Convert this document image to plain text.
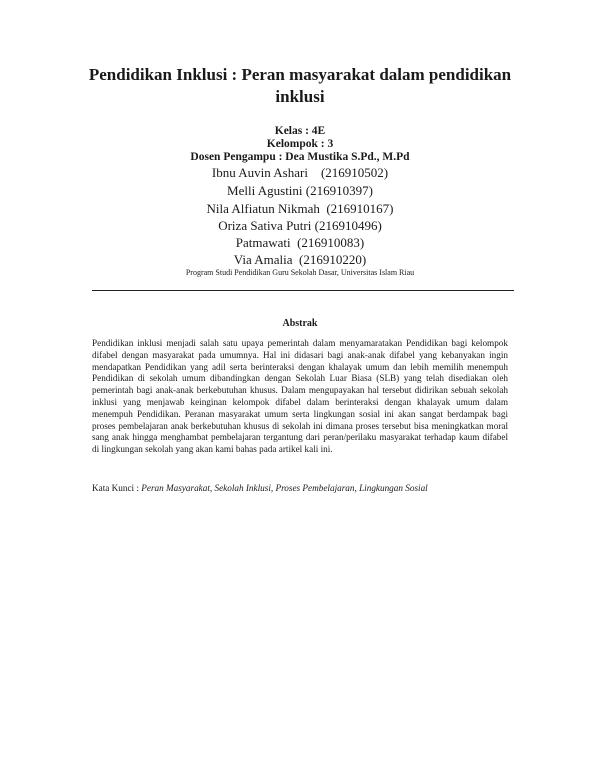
Pendidikan Inklusi : Peran masyarakat dalam pendidikan inklusi
Kelas : 4E
Kelompok : 3
Dosen Pengampu : Dea Mustika S.Pd., M.Pd
Ibnu Auvin Ashari    (216910502)
Melli Agustini (216910397)
Nila Alfiatun Nikmah  (216910167)
Oriza Sativa Putri (216910496)
Patmawati  (216910083)
Via Amalia  (216910220)
Program Studi Pendidikan Guru Sekolah Dasar, Universitas Islam Riau
Abstrak
Pendidikan inklusi menjadi salah satu upaya pemerintah dalam menyamaratakan Pendidikan bagi kelompok difabel dengan masyarakat pada umumnya. Hal ini didasari bagi anak-anak difabel yang kebanyakan ingin mendapatkan Pendidikan yang adil serta berinteraksi dengan khalayak umum dan lebih memilih menempuh Pendidikan di sekolah umum dibandingkan dengan Sekolah Luar Biasa (SLB) yang telah disediakan oleh pemerintah bagi anak-anak berkebutuhan khusus. Dalam mengupayakan hal tersebut didirikan sebuah sekolah inklusi yang menjawab keinginan kelompok difabel dalam berinteraksi dengan khalayak umum dalam menempuh Pendidikan. Peranan masyarakat umum serta lingkungan sosial ini akan sangat berdampak bagi proses pembelajaran anak berkebutuhan khusus di sekolah ini dimana proses tersebut bisa meningkatkan moral sang anak hingga menghambat pembelajaran tergantung dari peran/perilaku masyarakat terhadap kaum difabel di lingkungan sekolah yang akan kami bahas pada artikel kali ini.
Kata Kunci : Peran Masyarakat, Sekolah Inklusi, Proses Pembelajaran, Lingkungan Sosial
